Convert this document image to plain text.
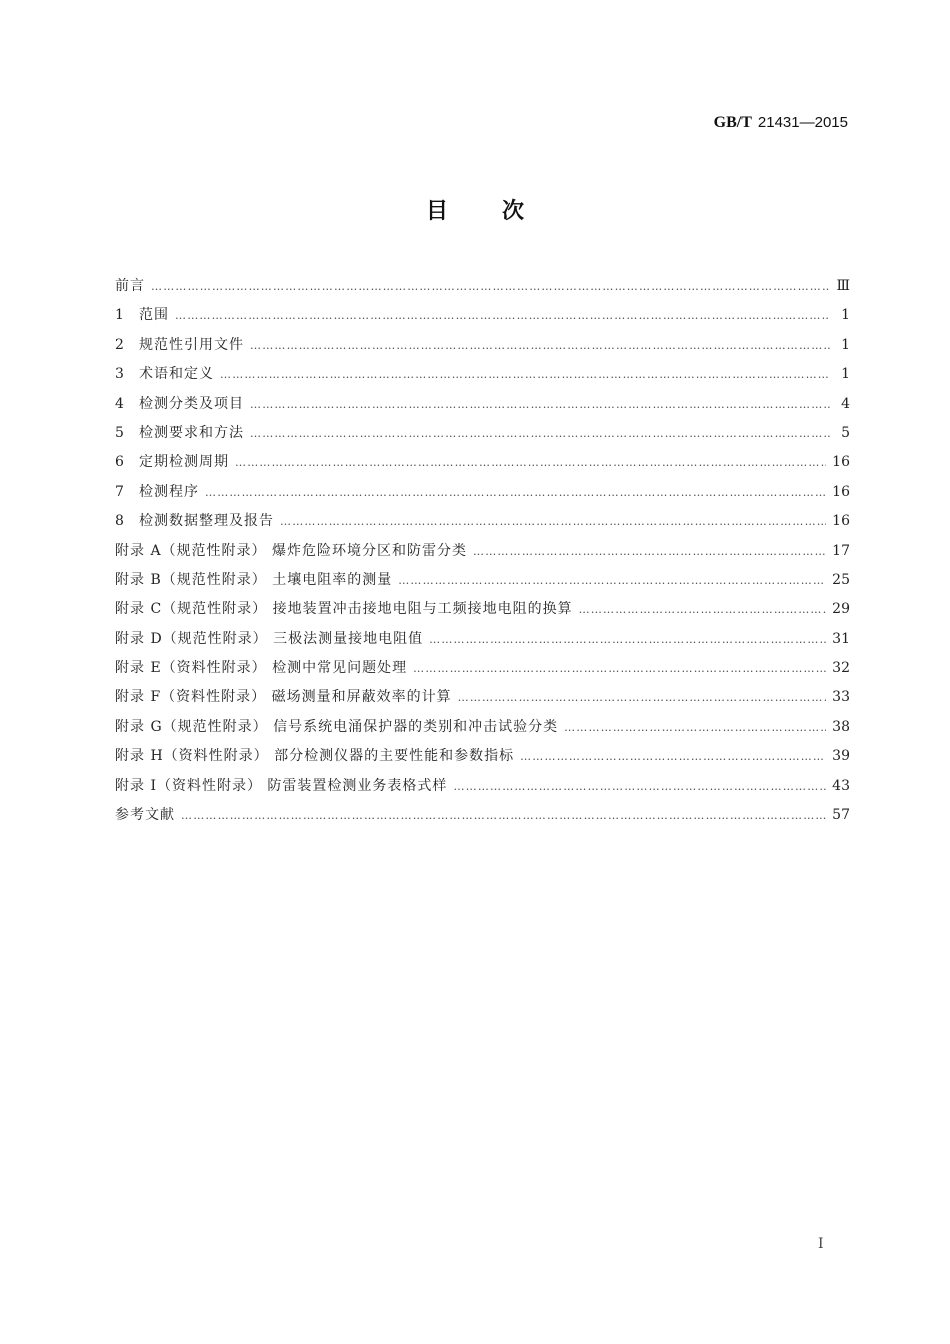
GB/T 21431—2015
目次
前言 ……………………………………………………………………………………………………………………………………………………………………………………………………………	Ⅲ
1 范围 ……………………………………………………………………………………………………………………………………………………………………………………………………………	1
2 规范性引用文件 ……………………………………………………………………………………………………………………………………………………………………………………………………………	1
3 术语和定义 ……………………………………………………………………………………………………………………………………………………………………………………………………………	1
4 检测分类及项目 ……………………………………………………………………………………………………………………………………………………………………………………………………………	4
5 检测要求和方法 ……………………………………………………………………………………………………………………………………………………………………………………………………………	5
6 定期检测周期 ……………………………………………………………………………………………………………………………………………………………………………………………………………	16
7 检测程序 ……………………………………………………………………………………………………………………………………………………………………………………………………………	16
8 检测数据整理及报告 ……………………………………………………………………………………………………………………………………………………………………………………………………………	16
附录 A（规范性附录） 爆炸危险环境分区和防雷分类 ……………………………………………………………………………………………………………………………………………………………………………………………………………	17
附录 B（规范性附录） 土壤电阻率的测量 ……………………………………………………………………………………………………………………………………………………………………………………………………………	25
附录 C（规范性附录） 接地装置冲击接地电阻与工频接地电阻的换算 ……………………………………………………………………………………………………………………………………………………………………………………………………………	29
附录 D（规范性附录） 三极法测量接地电阻值 ……………………………………………………………………………………………………………………………………………………………………………………………………………	31
附录 E（资料性附录） 检测中常见问题处理 ……………………………………………………………………………………………………………………………………………………………………………………………………………	32
附录 F（资料性附录） 磁场测量和屏蔽效率的计算 ……………………………………………………………………………………………………………………………………………………………………………………………………………	33
附录 G（规范性附录） 信号系统电涌保护器的类别和冲击试验分类 ……………………………………………………………………………………………………………………………………………………………………………………………………………	38
附录 H（资料性附录） 部分检测仪器的主要性能和参数指标 ……………………………………………………………………………………………………………………………………………………………………………………………………………	39
附录 I（资料性附录） 防雷装置检测业务表格式样 ……………………………………………………………………………………………………………………………………………………………………………………………………………	43
参考文献 ……………………………………………………………………………………………………………………………………………………………………………………………………………	57
I
